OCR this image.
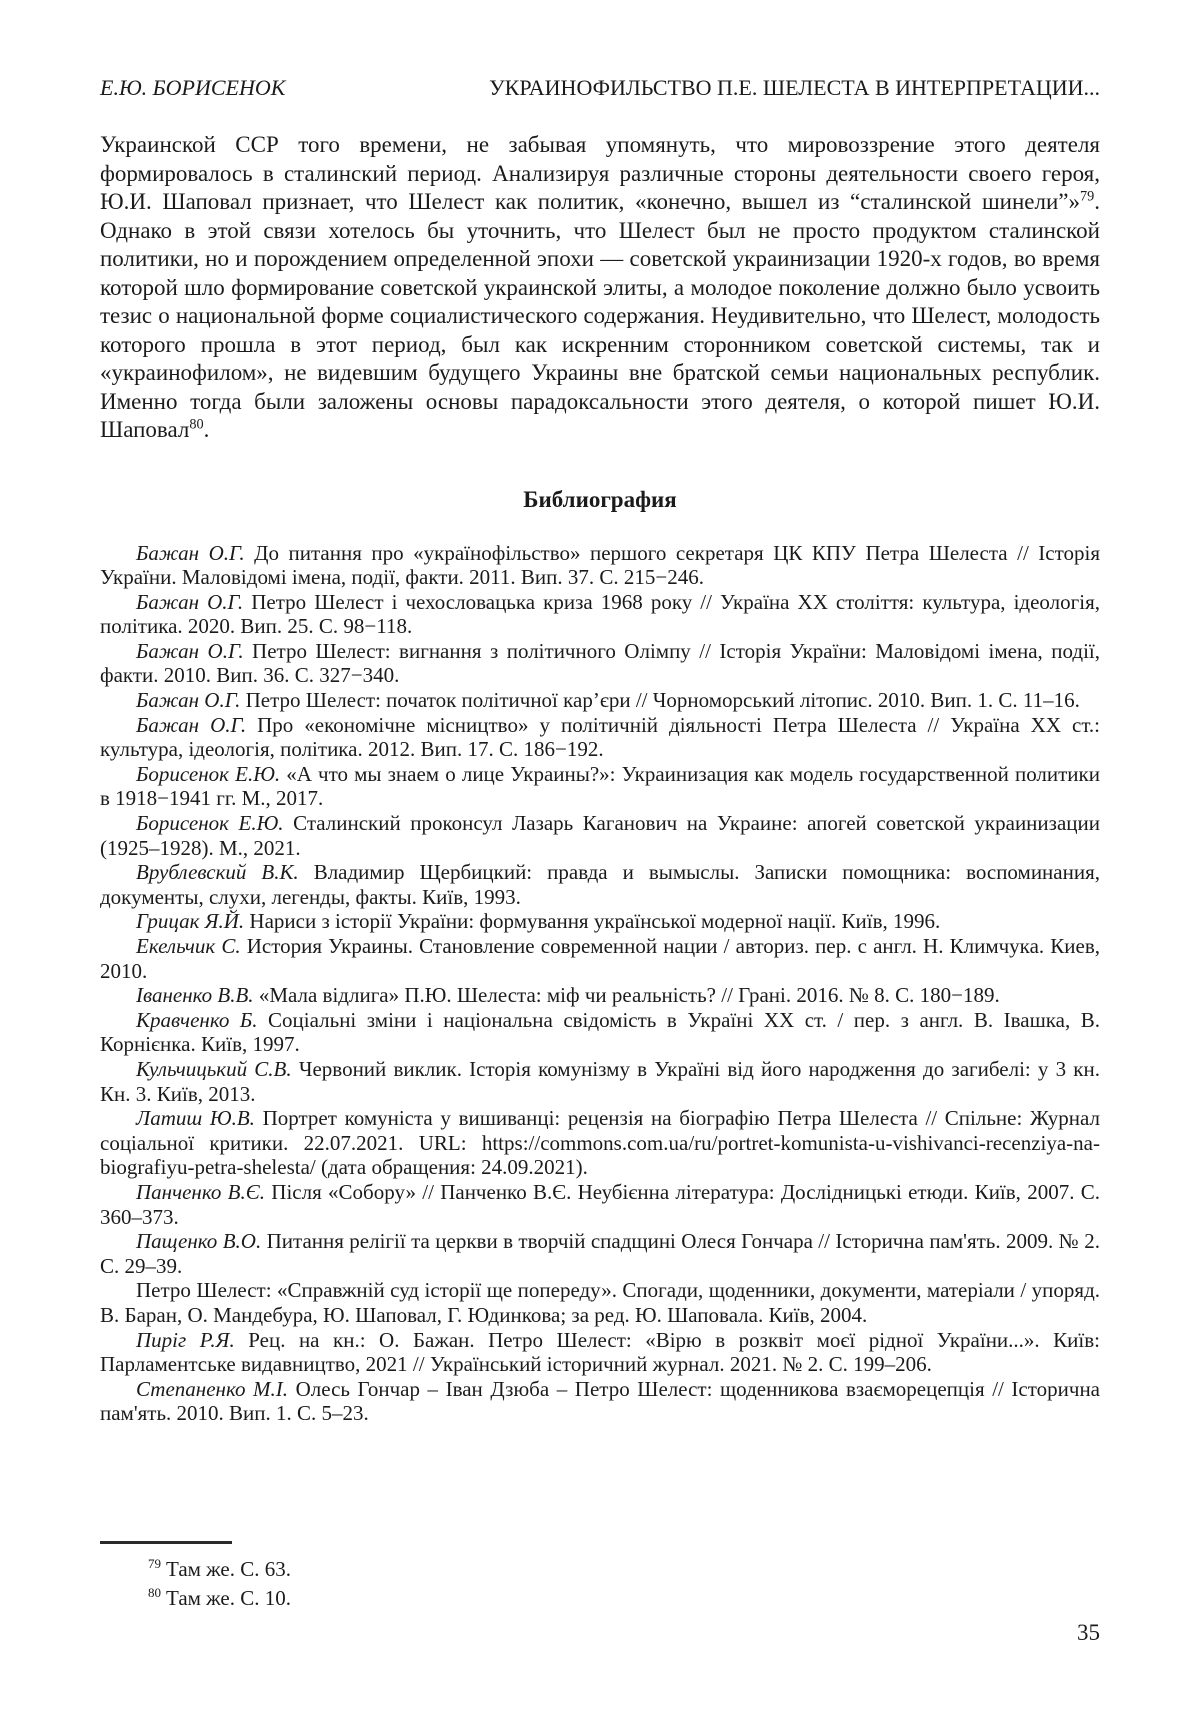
Е.Ю. БОРИСЕНОК	УКРАИНОФИЛЬСТВО П.Е. ШЕЛЕСТА В ИНТЕРПРЕТАЦИИ...

Украинской ССР того времени, не забывая упомянуть, что мировоззрение этого деятеля формировалось в сталинский период. Анализируя различные стороны деятельности своего героя, Ю.И. Шаповал признает, что Шелест как политик, «конечно, вышел из “сталинской шинели”»$^{79}$. Однако в этой связи хотелось бы уточнить, что Шелест был не просто продуктом сталинской политики, но и порождением определенной эпохи — советской украинизации 1920-х годов, во время которой шло формирование советской украинской элиты, а молодое поколение должно было усвоить тезис о национальной форме социалистического содержания. Неудивительно, что Шелест, молодость которого прошла в этот период, был как искренним сторонником советской системы, так и «украинофилом», не видевшим будущего Украины вне братской семьи национальных республик. Именно тогда были заложены основы парадоксальности этого деятеля, о которой пишет Ю.И. Шаповал$^{80}$.

Библиография

Бажан О.Г. До питання про «українофільство» першого секретаря ЦК КПУ Петра Шелеста // Історія України. Маловідомі імена, події, факти. 2011. Вип. 37. С. 215−246.

Бажан О.Г. Петро Шелест і чехословацька криза 1968 року // Україна ХХ століття: культура, ідеологія, політика. 2020. Вип. 25. С. 98−118.

Бажан О.Г. Петро Шелест: вигнання з політичного Олімпу // Історія України: Маловідомі імена, події, факти. 2010. Вип. 36. С. 327−340.

Бажан О.Г. Петро Шелест: початок політичної кар’єри // Чорноморський літопис. 2010. Вип. 1. С. 11–16.

Бажан О.Г. Про «економічне місництво» у політичній діяльності Петра Шелеста // Україна ХХ ст.: культура, ідеологія, політика. 2012. Вип. 17. С. 186−192.

Борисенок Е.Ю. «А что мы знаем о лице Украины?»: Украинизация как модель государственной политики в 1918−1941 гг. М., 2017.

Борисенок Е.Ю. Сталинский проконсул Лазарь Каганович на Украине: апогей советской украинизации (1925–1928). М., 2021.

Врублевский В.К. Владимир Щербицкий: правда и вымыслы. Записки помощника: воспоминания, документы, слухи, легенды, факты. Київ, 1993.

Грицак Я.Й. Нариси з історії України: формування української модерної нації. Київ, 1996.

Екельчик С. История Украины. Становление современной нации / авториз. пер. с англ. Н. Климчука. Киев, 2010.

Іваненко В.В. «Мала відлига» П.Ю. Шелеста: міф чи реальність? // Грані. 2016. № 8. С. 180−189.

Кравченко Б. Соціальні зміни і національна свідомість в Україні ХХ ст. / пер. з англ. В. Івашка, В. Корнієнка. Київ, 1997.

Кульчицький С.В. Червоний виклик. Історія комунізму в Україні від його народження до загибелі: у 3 кн. Кн. 3. Київ, 2013.

Латиш Ю.В. Портрет комуніста у вишиванці: рецензія на біографію Петра Шелеста // Спільне: Журнал соціальної критики. 22.07.2021. URL: https://commons.com.ua/ru/portret-komunista-u-vishivanci-recenziya-na-biografiyu-petra-shelesta/ (дата обращения: 24.09.2021).

Панченко В.Є. Після «Собору» // Панченко В.Є. Неубієнна література: Дослідницькі етюди. Київ, 2007. С. 360–373.

Пащенко В.О. Питання релігії та церкви в творчій спадщині Олеся Гончара // Історична пам'ять. 2009. № 2. С. 29–39.

Петро Шелест: «Справжній суд історії ще попереду». Спогади, щоденники, документи, матеріали / упоряд. В. Баран, О. Мандебура, Ю. Шаповал, Г. Юдинкова; за ред. Ю. Шаповала. Київ, 2004.

Пиріг Р.Я. Рец. на кн.: О. Бажан. Петро Шелест: «Вірю в розквіт моєї рідної України...». Київ: Парламентське видавництво, 2021 // Український історичний журнал. 2021. № 2. С. 199–206.

Степаненко М.І. Олесь Гончар – Іван Дзюба – Петро Шелест: щоденникова взаєморецепція // Історична пам'ять. 2010. Вип. 1. С. 5–23.

$^{79}$ Там же. С. 63.

$^{80}$ Там же. С. 10.

35
